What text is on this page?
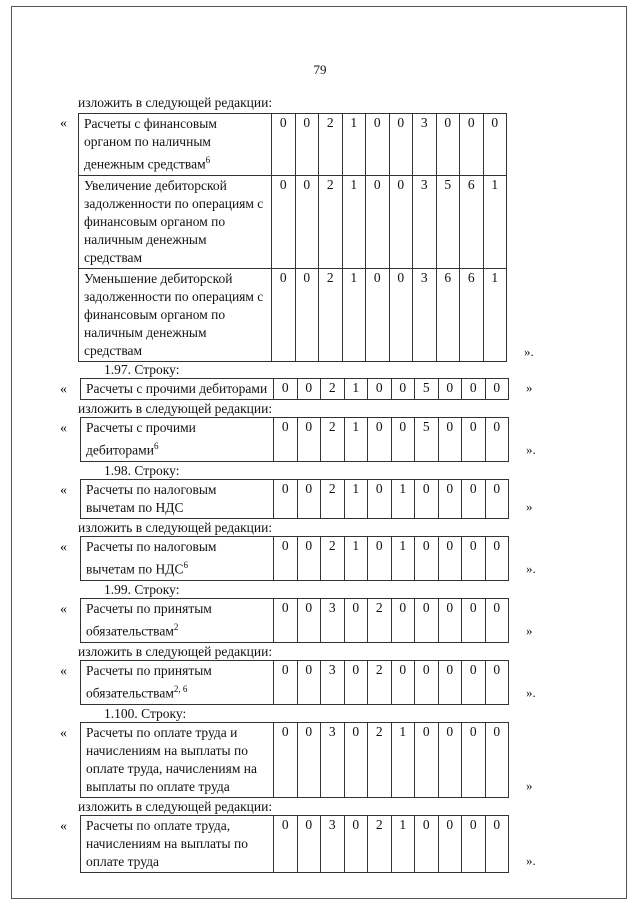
79
изложить в следующей редакции:
« Расчеты с финансовым органом по наличным денежным средствам$^6$	0	0	2	1	0	0	3	0	0	0
Увеличение дебиторской задолженности по операциям с финансовым органом по наличным денежным средствам	0	0	2	1	0	0	3	5	6	1
Уменьшение дебиторской задолженности по операциям с финансовым органом по наличным денежным средствам	0	0	2	1	0	0	3	6	6	1
».
1.97. Строку:
« Расчеты с прочими дебиторами	0	0	2	1	0	0	5	0	0	0 »
изложить в следующей редакции:
« Расчеты с прочими дебиторами$^6$	0	0	2	1	0	0	5	0	0	0
».
1.98. Строку:
« Расчеты по налоговым вычетам по НДС	0	0	2	1	0	1	0	0	0	0
»
изложить в следующей редакции:
« Расчеты по налоговым вычетам по НДС$^6$	0	0	2	1	0	1	0	0	0	0
».
1.99. Строку:
« Расчеты по принятым обязательствам$^2$	0	0	3	0	2	0	0	0	0	0
»
изложить в следующей редакции:
« Расчеты по принятым обязательствам$^{2, 6}$	0	0	3	0	2	0	0	0	0	0
».
1.100. Строку:
« Расчеты по оплате труда и начислениям на выплаты по оплате труда, начислениям на выплаты по оплате труда	0	0	3	0	2	1	0	0	0	0
»
изложить в следующей редакции:
« Расчеты по оплате труда, начислениям на выплаты по оплате труда	0	0	3	0	2	1	0	0	0	0
».
